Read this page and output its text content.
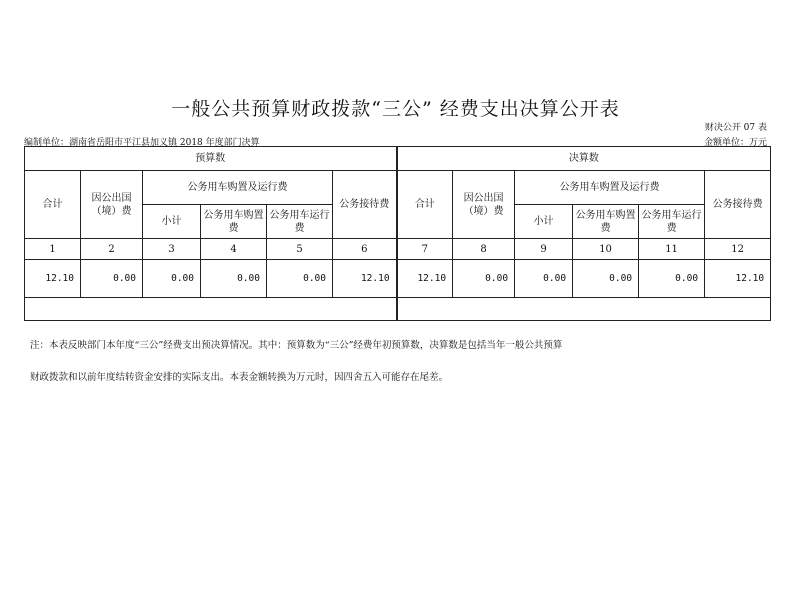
一般公共预算财政拨款“三公” 经费支出决算公开表
财决公开 07 表
编制单位：湖南省岳阳市平江县加义镇 2018 年度部门决算	金额单位：万元
预算数						决算数					
合计	因公出国（境）费	公务用车购置及运行费			公务接待费	合计	因公出国（境）费	公务用车购置及运行费			公务接待费
		小计	公务用车购置费	公务用车运行费				小计	公务用车购置费	公务用车运行费	
1	2	3	4	5	6	7	8	9	10	11	12
12.10	0.00	0.00	0.00	0.00	12.10	12.10	0.00	0.00	0.00	0.00	12.10

注：本表反映部门本年度“三公”经费支出预决算情况。其中：预算数为“三公”经费年初预算数，决算数是包括当年一般公共预算
财政拨款和以前年度结转资金安排的实际支出。本表金额转换为万元时，因四舍五入可能存在尾差。
